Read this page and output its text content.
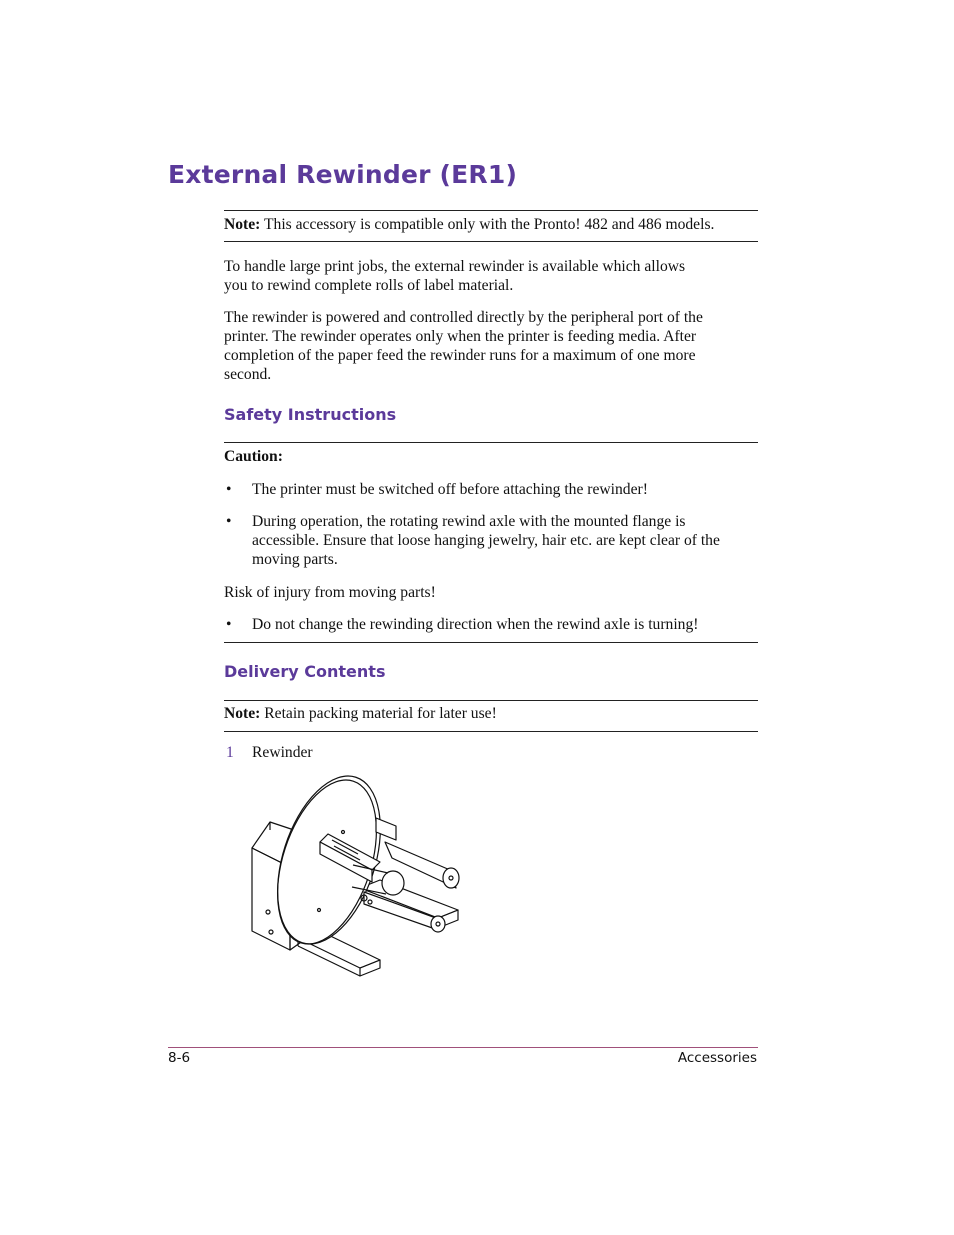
External Rewinder (ER1)
Note: This accessory is compatible only with the Pronto! 482 and 486 models.
To handle large print jobs, the external rewinder is available which allows
you to rewind complete rolls of label material.
The rewinder is powered and controlled directly by the peripheral port of the
printer. The rewinder operates only when the printer is feeding media. After
completion of the paper feed the rewinder runs for a maximum of one more
second.
Safety Instructions
Caution:
• The printer must be switched off before attaching the rewinder!
• During operation, the rotating rewind axle with the mounted flange is
accessible. Ensure that loose hanging jewelry, hair etc. are kept clear of the
moving parts.
Risk of injury from moving parts!
• Do not change the rewinding direction when the rewind axle is turning!
Delivery Contents
Note: Retain packing material for later use!
1 Rewinder
8-6	Accessories
